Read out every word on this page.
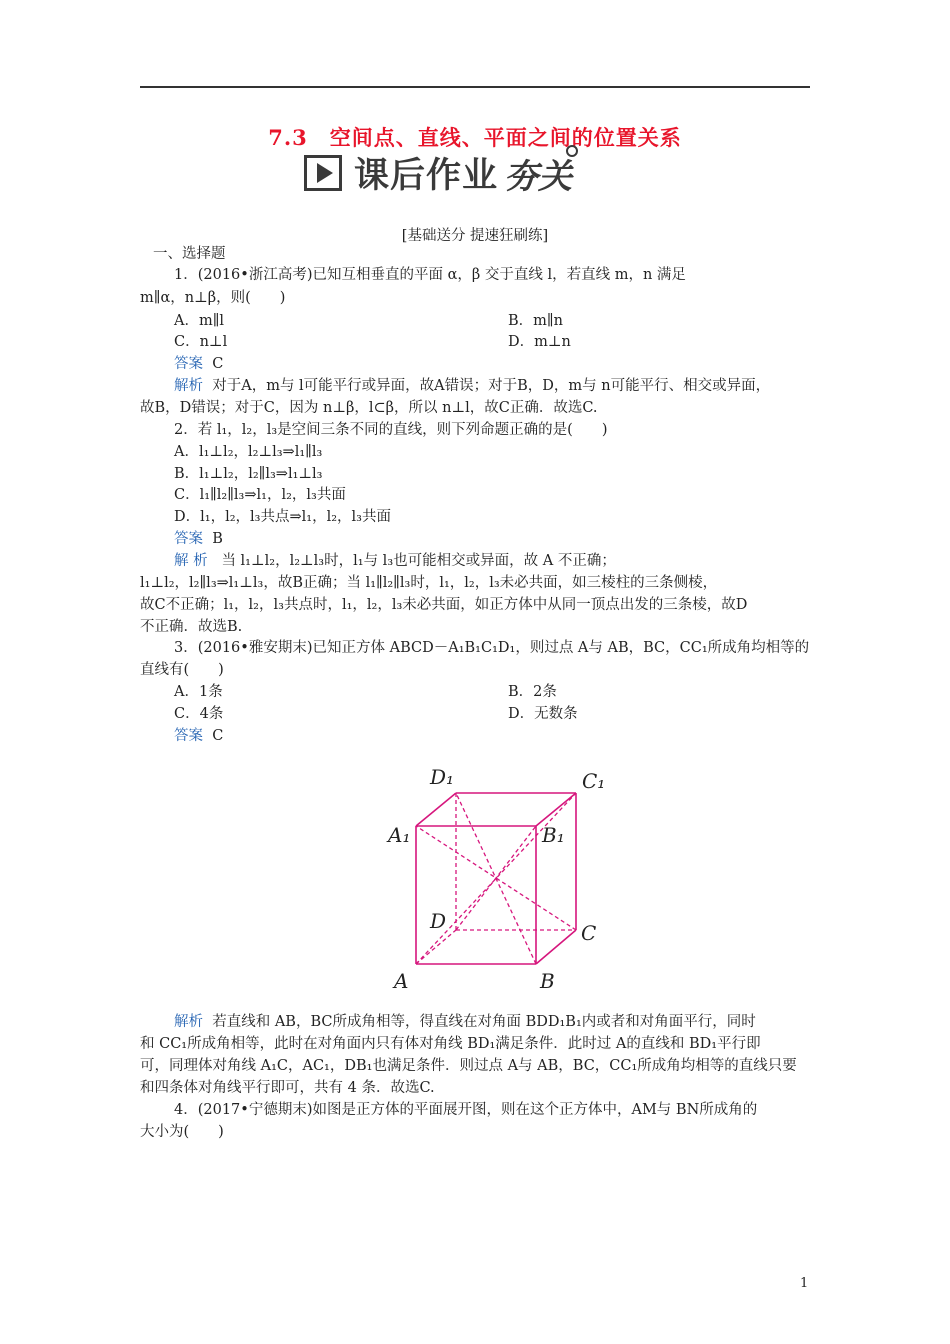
7.3　空间点、直线、平面之间的位置关系
课后作业 夯关
[基础送分 提速狂刷练]
一、选择题
1．(2016•浙江高考)已知互相垂直的平面 α，β 交于直线 l，若直线 m，n 满足
m∥α，n⊥β，则(　　)
A．m∥l	B．m∥n
C．n⊥l	D．m⊥n
答案 C
解析 对于A，m与 l可能平行或异面，故A错误；对于B，D，m与 n可能平行、相交或异面，
故B，D错误；对于C，因为 n⊥β，l⊂β，所以 n⊥l，故C正确．故选C.
2．若 l₁，l₂，l₃是空间三条不同的直线，则下列命题正确的是(　　)
A．l₁⊥l₂，l₂⊥l₃⇒l₁∥l₃
B．l₁⊥l₂，l₂∥l₃⇒l₁⊥l₃
C．l₁∥l₂∥l₃⇒l₁，l₂，l₃共面
D．l₁，l₂，l₃共点⇒l₁，l₂，l₃共面
答案 B
解 析 当 l₁⊥l₂，l₂⊥l₃时，l₁与 l₃也可能相交或异面，故 A 不正确；
l₁⊥l₂，l₂∥l₃⇒l₁⊥l₃，故B正确；当 l₁∥l₂∥l₃时，l₁，l₂，l₃未必共面，如三棱柱的三条侧棱，
故C不正确；l₁，l₂，l₃共点时，l₁，l₂，l₃未必共面，如正方体中从同一顶点出发的三条棱，故D
不正确．故选B.
3．(2016•雅安期末)已知正方体 ABCD－A₁B₁C₁D₁，则过点 A与 AB，BC，CC₁所成角均相等的
直线有(　　)
A．1条	B．2条
C．4条	D．无数条
答案 C
D₁	C₁
A₁	B₁
D	C
A	B
解析 若直线和 AB，BC所成角相等，得直线在对角面 BDD₁B₁内或者和对角面平行，同时
和 CC₁所成角相等，此时在对角面内只有体对角线 BD₁满足条件．此时过 A的直线和 BD₁平行即
可，同理体对角线 A₁C，AC₁，DB₁也满足条件．则过点 A与 AB，BC，CC₁所成角均相等的直线只要
和四条体对角线平行即可，共有 4 条．故选C.
4．(2017•宁德期末)如图是正方体的平面展开图，则在这个正方体中，AM与 BN所成角的
大小为(　　)
1
